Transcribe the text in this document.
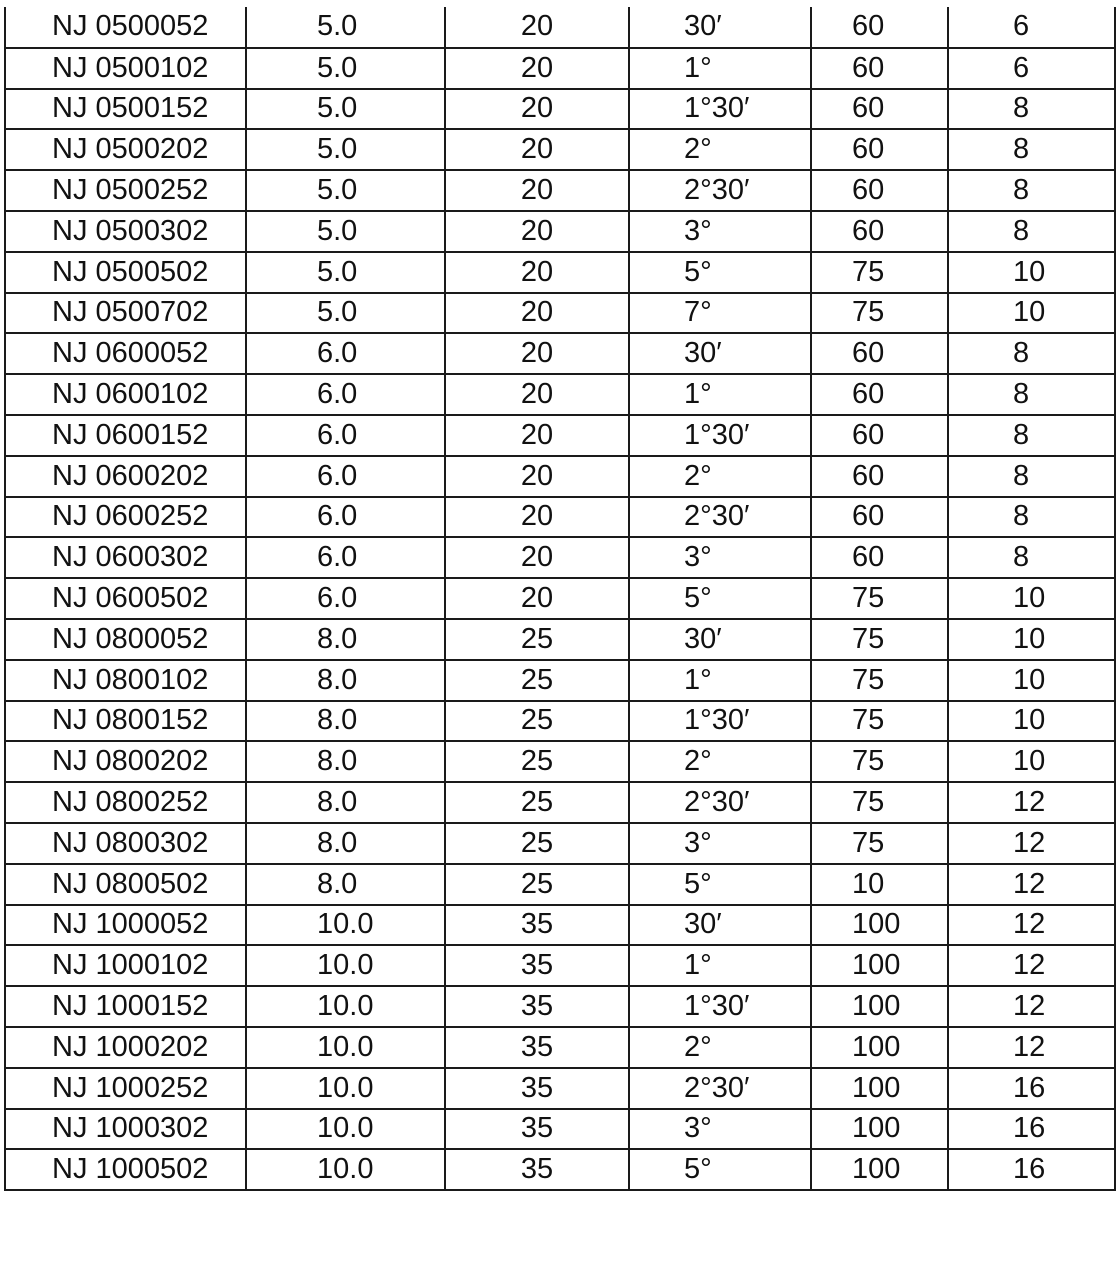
NJ 0500052	5.0	20	30′	60	6
NJ 0500102	5.0	20	1°	60	6
NJ 0500152	5.0	20	1°30′	60	8
NJ 0500202	5.0	20	2°	60	8
NJ 0500252	5.0	20	2°30′	60	8
NJ 0500302	5.0	20	3°	60	8
NJ 0500502	5.0	20	5°	75	10
NJ 0500702	5.0	20	7°	75	10
NJ 0600052	6.0	20	30′	60	8
NJ 0600102	6.0	20	1°	60	8
NJ 0600152	6.0	20	1°30′	60	8
NJ 0600202	6.0	20	2°	60	8
NJ 0600252	6.0	20	2°30′	60	8
NJ 0600302	6.0	20	3°	60	8
NJ 0600502	6.0	20	5°	75	10
NJ 0800052	8.0	25	30′	75	10
NJ 0800102	8.0	25	1°	75	10
NJ 0800152	8.0	25	1°30′	75	10
NJ 0800202	8.0	25	2°	75	10
NJ 0800252	8.0	25	2°30′	75	12
NJ 0800302	8.0	25	3°	75	12
NJ 0800502	8.0	25	5°	10	12
NJ 1000052	10.0	35	30′	100	12
NJ 1000102	10.0	35	1°	100	12
NJ 1000152	10.0	35	1°30′	100	12
NJ 1000202	10.0	35	2°	100	12
NJ 1000252	10.0	35	2°30′	100	16
NJ 1000302	10.0	35	3°	100	16
NJ 1000502	10.0	35	5°	100	16
